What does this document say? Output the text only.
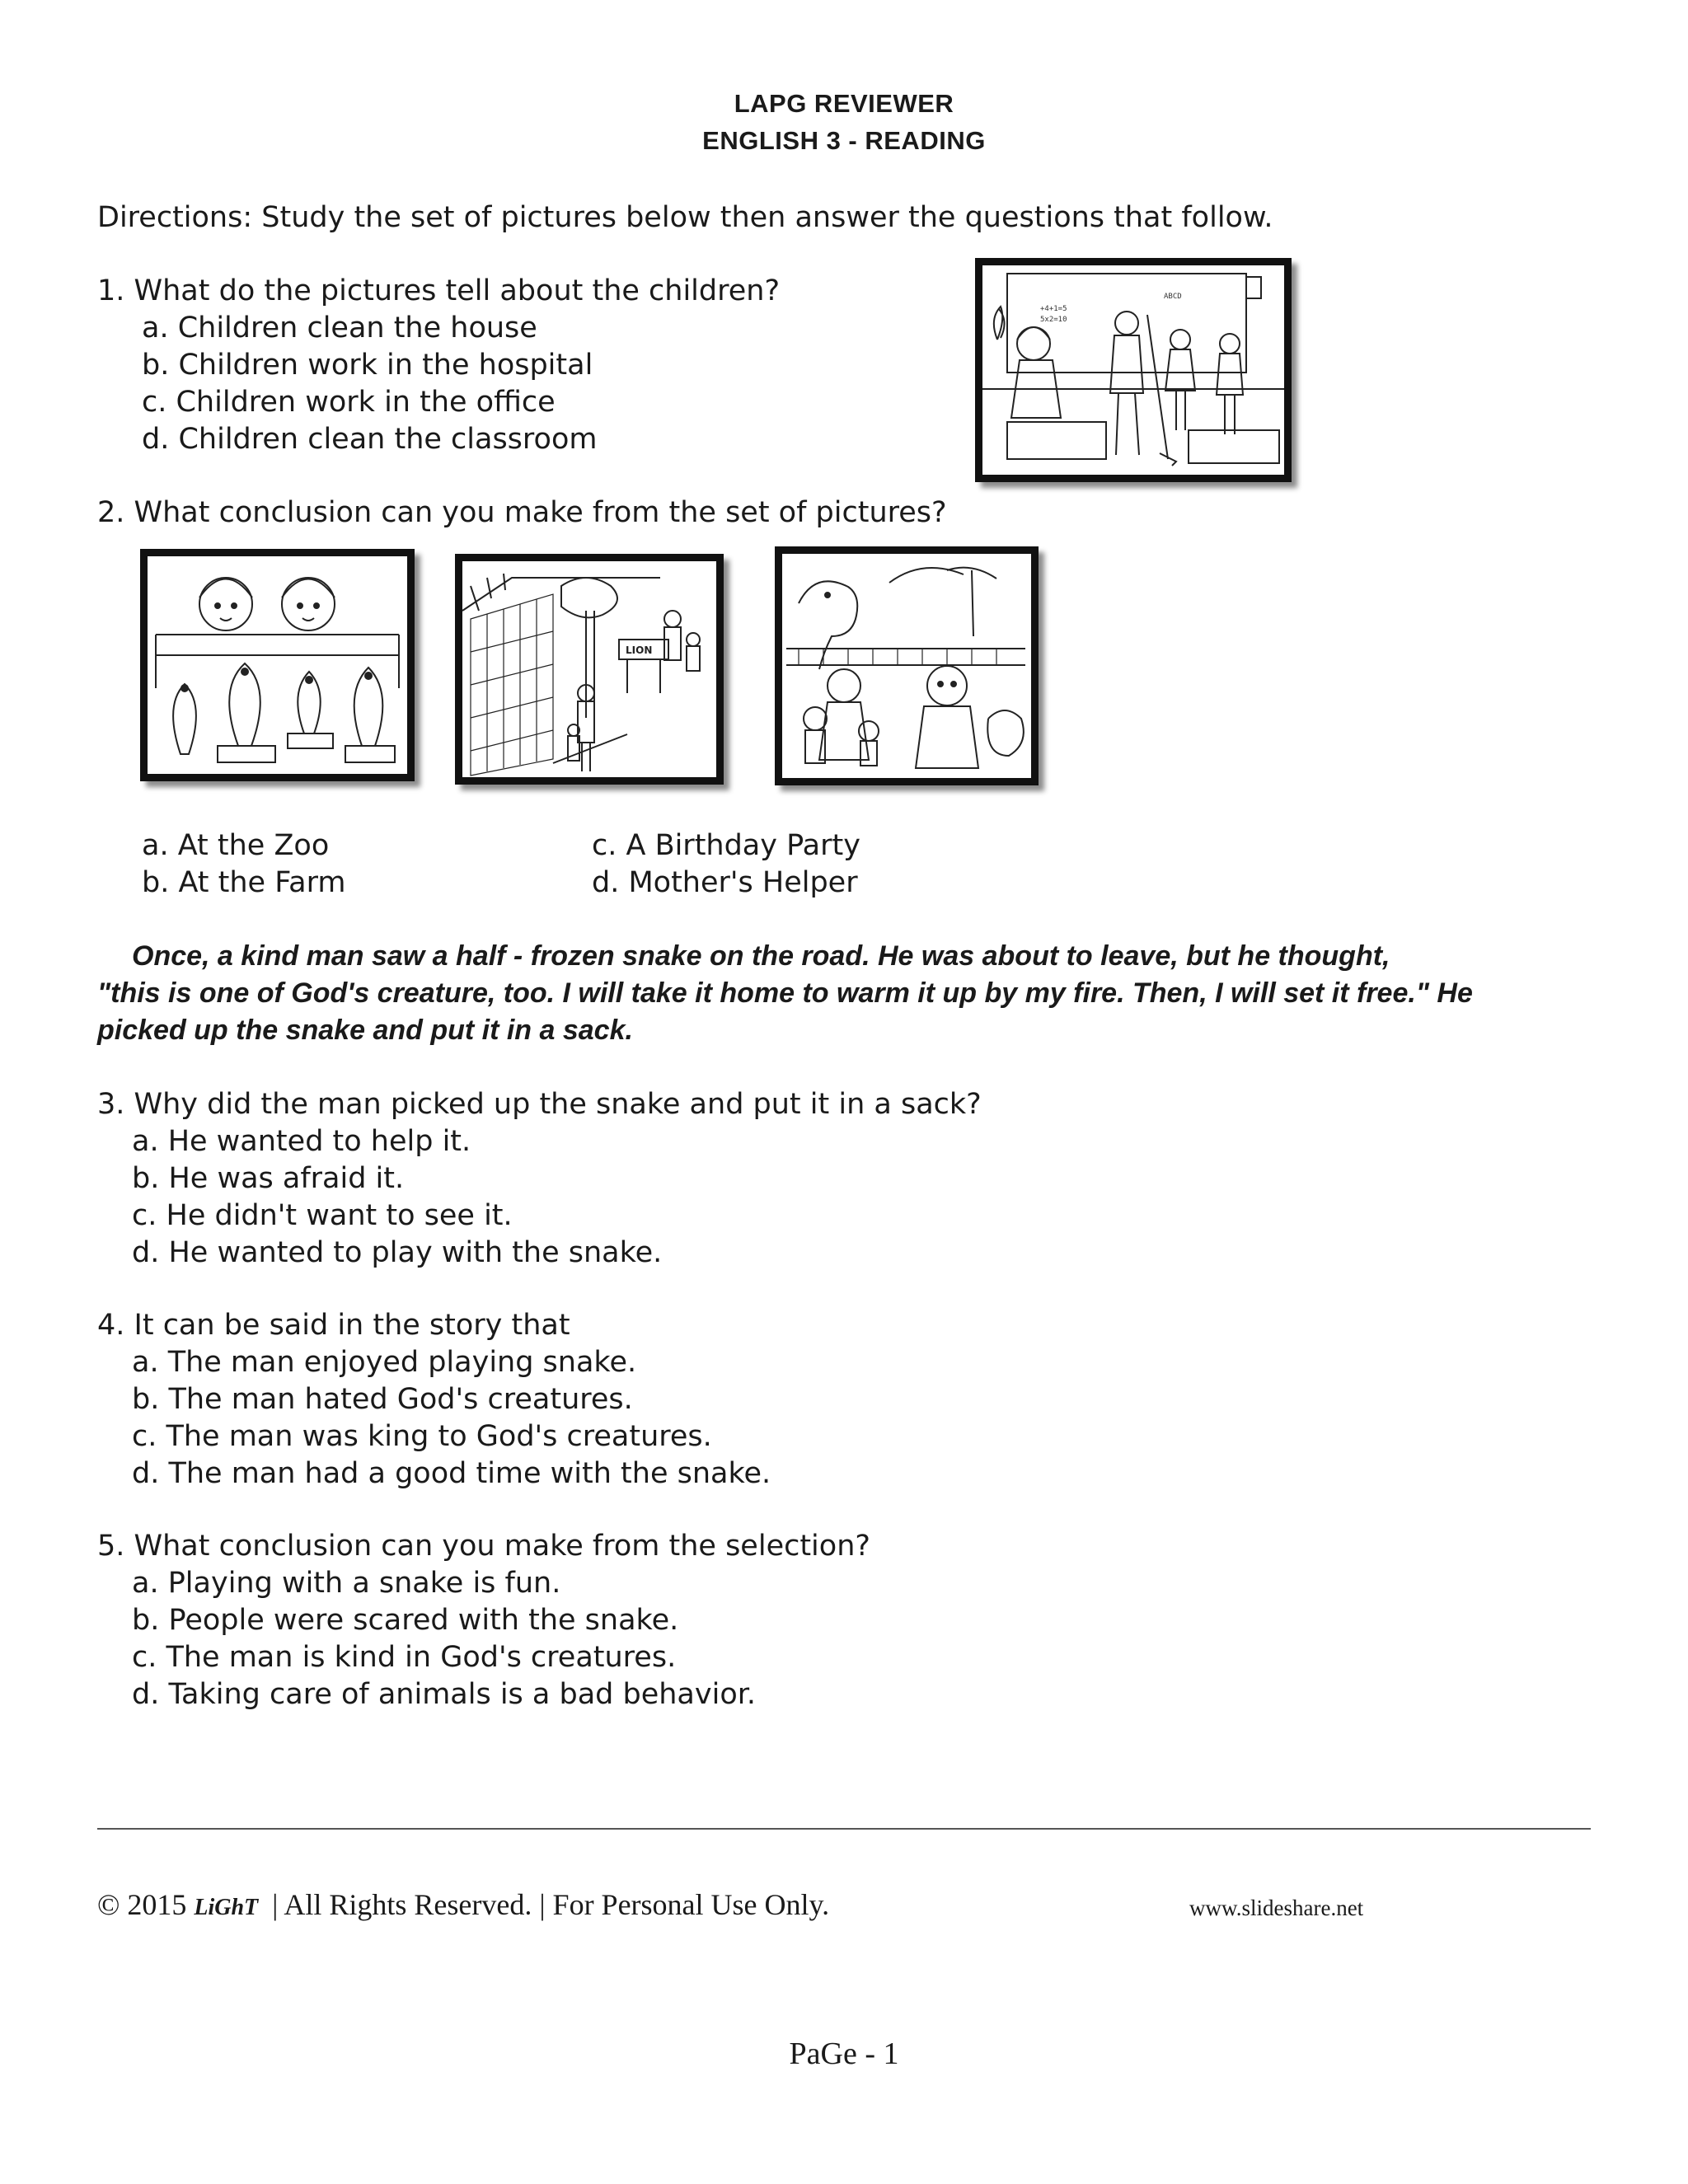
LAPG REVIEWER
ENGLISH 3 - READING
Directions: Study the set of pictures below then answer the questions that follow.
1. What do the pictures tell about the children?
a. Children clean the house
b. Children work in the hospital
c. Children work in the office
d. Children clean the classroom
+4+1=5
5x2=10
ABCD
2. What conclusion can you make from the set of pictures?
LION
a. At the Zoo
b. At the Farm
c. A Birthday Party
d. Mother's Helper
Once, a kind man saw a half - frozen snake on the road. He was about to leave, but he thought,
"this is one of God's creature, too. I will take it home to warm it up by my fire. Then, I will set it free." He
picked up the snake and put it in a sack.
3. Why did the man picked up the snake and put it in a sack?
a. He wanted to help it.
b. He was afraid it.
c. He didn't want to see it.
d. He wanted to play with the snake.
4. It can be said in the story that
a. The man enjoyed playing snake.
b. The man hated God's creatures.
c. The man was king to God's creatures.
d. The man had a good time with the snake.
5. What conclusion can you make from the selection?
a. Playing with a snake is fun.
b. People were scared with the snake.
c. The man is kind in God's creatures.
d. Taking care of animals is a bad behavior.
© 2015 LiGhT | All Rights Reserved. | For Personal Use Only.	www.slideshare.net
PaGe - 1
